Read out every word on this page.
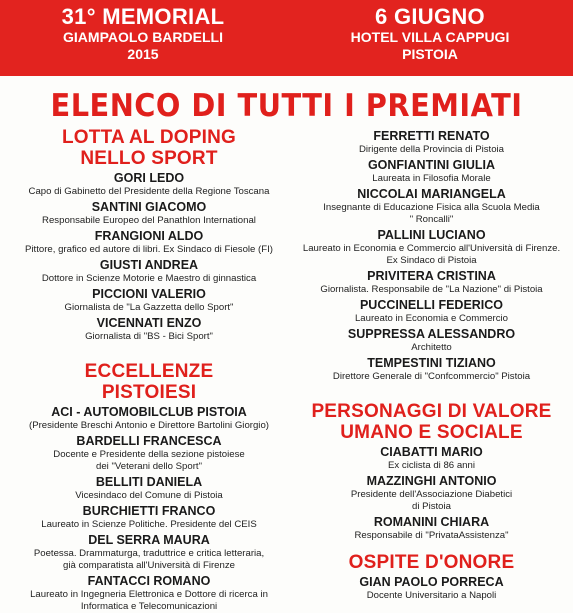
31° MEMORIAL
GIAMPAOLO BARDELLI
2015
6 GIUGNO
HOTEL VILLA CAPPUGI
PISTOIA
ELENCO DI TUTTI I PREMIATI
LOTTA AL DOPING
NELLO SPORT
GORI LEDO
Capo di Gabinetto del Presidente della Regione Toscana
SANTINI GIACOMO
Responsabile Europeo del Panathlon International
FRANGIONI ALDO
Pittore, grafico ed autore di libri. Ex Sindaco di Fiesole (FI)
GIUSTI ANDREA
Dottore in Scienze Motorie e Maestro di ginnastica
PICCIONI VALERIO
Giornalista de "La Gazzetta dello Sport"
VICENNATI ENZO
Giornalista di "BS - Bici Sport"
ECCELLENZE
PISTOIESI
ACI - AUTOMOBILCLUB PISTOIA
(Presidente Breschi Antonio e Direttore Bartolini Giorgio)
BARDELLI FRANCESCA
Docente e Presidente della sezione pistoiese
dei "Veterani dello Sport"
BELLITI DANIELA
Vicesindaco del Comune di Pistoia
BURCHIETTI FRANCO
Laureato in Scienze Politiche. Presidente del CEIS
DEL SERRA MAURA
Poetessa. Drammaturga, traduttrice e critica letteraria,
già comparatista all'Università di Firenze
FANTACCI ROMANO
Laureato in Ingegneria Elettronica e Dottore di ricerca in
Informatica e Telecomunicazioni
FERRETTI RENATO
Dirigente della Provincia di Pistoia
GONFIANTINI GIULIA
Laureata in Filosofia Morale
NICCOLAI MARIANGELA
Insegnante di Educazione Fisica alla Scuola Media
" Roncalli"
PALLINI LUCIANO
Laureato in Economia e Commercio all'Università di Firenze.
Ex Sindaco di Pistoia
PRIVITERA CRISTINA
Giornalista. Responsabile de "La Nazione" di Pistoia
PUCCINELLI FEDERICO
Laureato in Economia e Commercio
SUPPRESSA ALESSANDRO
Architetto
TEMPESTINI TIZIANO
Direttore Generale di "Confcommercio" Pistoia
PERSONAGGI DI VALORE
UMANO E SOCIALE
CIABATTI MARIO
Ex ciclista di 86 anni
MAZZINGHI ANTONIO
Presidente dell'Associazione Diabetici
di Pistoia
ROMANINI CHIARA
Responsabile di "PrivataAssistenza"
OSPITE D'ONORE
GIAN PAOLO PORRECA
Docente Universitario a Napoli
